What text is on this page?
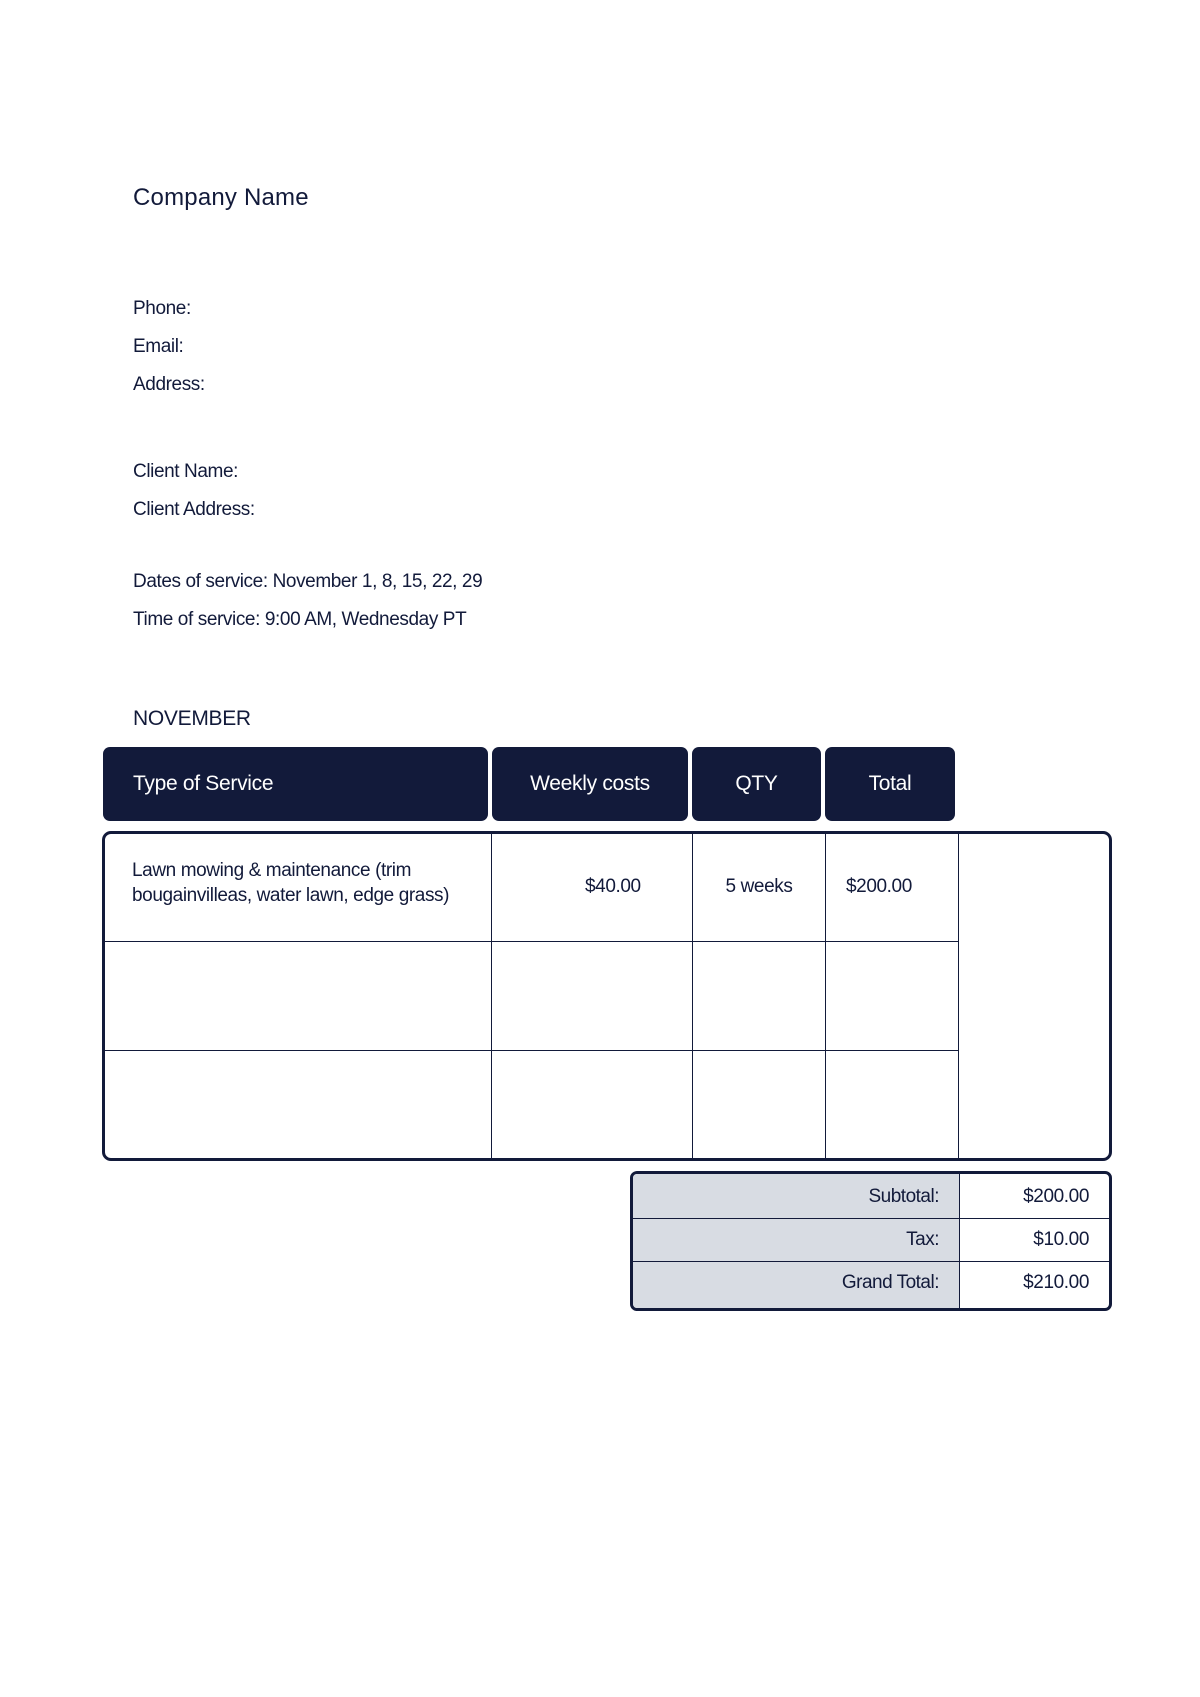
Company Name
Phone:
Email:
Address:
Client Name:
Client Address:
Dates of service: November 1, 8, 15, 22, 29
Time of service: 9:00 AM, Wednesday PT
NOVEMBER
Type of Service	Weekly costs	QTY	Total
Lawn mowing & maintenance (trim
bougainvilleas, water lawn, edge grass)	$40.00	5 weeks	$200.00
Subtotal:	$200.00
Tax:	$10.00
Grand Total:	$210.00
